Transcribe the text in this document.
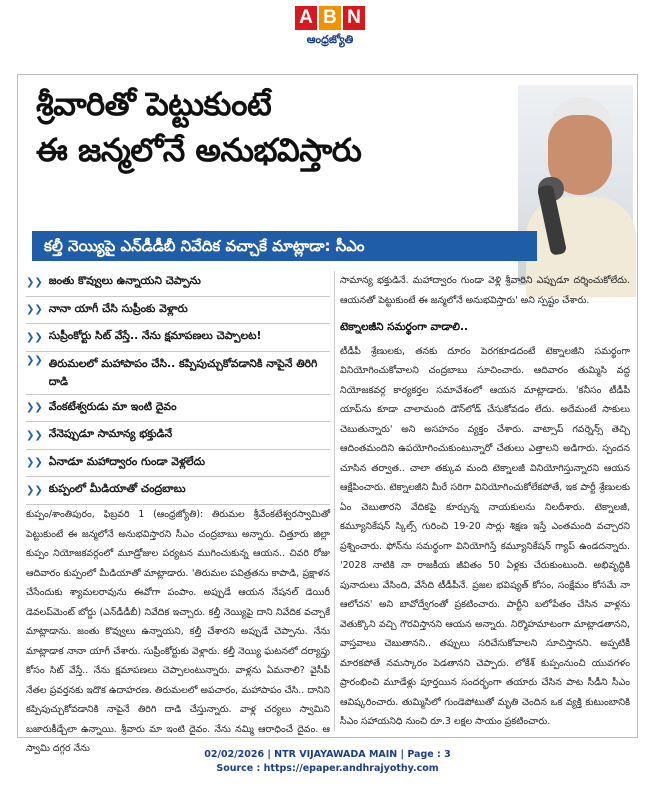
A B N
ఆంధ్రజ్యోతి
శ్రీవారితో పెట్టుకుంటే
ఈ జన్మలోనే అనుభవిస్తారు
కల్తీ నెయ్యిపై ఎన్‌డీడీబీ నివేదిక వచ్చాకే మాట్లాడా: సీఎం
❯❯ జంతు కొవ్వులు ఉన్నాయని చెప్పాను
❯❯ నానా యాగీ చేసి సుప్రీంకు వెళ్లారు
❯❯ సుప్రీంకోర్టు సిట్ వేస్తే.. నేను క్షమాపణలు చెప్పాలట!
❯❯ తిరుమలలో మహాపాపం చేసి.. కప్పిపుచ్చుకోవడానికి నాపైనే తిరిగి దాడి
❯❯ వేంకటేశ్వరుడు మా ఇంటి దైవం
❯❯ నేనెప్పుడూ సామాన్య భక్తుడినే
❯❯ ఏనాడూ మహాద్వారం గుండా వెళ్లలేదు
❯❯ కుప్పంలో మీడియాతో చంద్రబాబు
కుప్పం/శాంతిపురం, ఫిబ్రవరి 1 (ఆంధ్రజ్యోతి): తిరుమల శ్రీవేంకటేశ్వరస్వామితో పెట్టుకుంటే ఈ జన్మలోనే అనుభవిస్తారని సీఎం చంద్రబాబు అన్నారు. చిత్తూరు జిల్లా కుప్పం నియోజకవర్గంలో మూడ్రోజుల పర్యటన ముగించుకున్న ఆయన.. చివరి రోజు ఆదివారం కుప్పంలో మీడియాతో మాట్లాడారు. 'తిరుమల పవిత్రతను కాపాడి, ప్రక్షాళన చేసేందుకు శ్యామలరావును ఈవోగా పంపాం. అప్పుడే ఆయన నేషనల్ డెయిరీ డెవలప్‌మెంట్ బోర్డు (ఎన్‌డీడీబీ) నివేదిక ఇచ్చారు. కల్తీ నెయ్యిపై దాని నివేదిక వచ్చాకే మాట్లాడాను. జంతు కొవ్వులు ఉన్నాయని, కల్తీ చేశారని అప్పుడే చెప్పాను. నేను మాట్లాడాక నానా యాగీ చేశారు. సుప్రీంకోర్టుకు వెళ్లారు. కల్తీ నెయ్యి ఘటనలో దర్యాప్తు కోసం సిట్ వేస్తే.. నేను క్షమాపణలు చెప్పాలంటున్నారు. వాళ్లను ఏమనాలి? వైసీపీ నేతల ప్రవర్తనకు ఇదొక ఉదాహరణ. తిరుమలలో అపచారం, మహాపాపం చేసి.. దానిని కప్పిపుచ్చుకోవడానికి నాపైనే తిరిగి దాడి చేస్తున్నారు. వాళ్ల చర్యలు స్వామిని బజారుకీడ్చేలా ఉన్నాయి. శ్రీవారు మా ఇంటి దైవం. నేను నమ్మి ఆరాధించే దైవం. ఆ స్వామి దగ్గర నేను
సామాన్య భక్తుడినే. మహాద్వారం గుండా వెళ్లి శ్రీవారిని ఎప్పుడూ దర్శించుకోలేదు. ఆయనతో పెట్టుకుంటే ఈ జన్మలోనే అనుభవిస్తారు' అని స్పష్టం చేశారు.
టెక్నాలజీని సమర్థంగా వాడాలి..
టీడీపీ శ్రేణులకు, తనకు దూరం పెరగకూడదంటే టెక్నాలజీని సమర్థంగా వినియోగించుకోవాలని చంద్రబాబు సూచించారు. ఆదివారం తుమ్మిసి వద్ద నియోజకవర్గ కార్యకర్తల సమావేశంలో ఆయన మాట్లాడారు. 'కనీసం టీడీపీ యాప్‌ను కూడా చాలామంది డౌన్‌లోడ్ చేసుకోవడం లేదు. అదేమంటే సాకులు చెబుతున్నారు' అని అసహనం వ్యక్తం చేశారు. వాట్సాప్ గవర్నెన్స్ తెచ్చి ఆదింతమందిని ఉపయోగించుకుంటున్నారో చేతులు ఎత్తాలని అడిగారు. స్పందన చూసిన తర్వాత.. చాలా తక్కువ మంది టెక్నాలజీ వినియోగిస్తున్నారని ఆయన ఆక్షేపించారు. టెక్నాలజీని మీరే సరిగా వినియోగించుకోలేకపోతే, ఇక పార్టీ శ్రేణులకు ఏం చెబుతారని వేదికపై కూర్చున్న నాయకులను నిలదీశారు. టెక్నాలజీ, కమ్యూనికేషన్ స్కిల్స్ గురించి 19-20 సార్లు శిక్షణ ఇస్తే ఎంతమంది వచ్చారని ప్రశ్నించారు. ఫోన్‌ను సమర్థంగా వినియోగిస్తే కమ్యూనికేషన్ గ్యాప్ ఉండదన్నారు. '2028 నాటికి నా రాజకీయ జీవితం 50 ఏళ్లకు చేరుకుంటుంది. అభివృద్ధికి పునాదులు వేసింది, వేసేది టీడీపీనే. ప్రజల భవిష్యత్ కోసం, సంక్షేమం కోసమే నా ఆలోచన' అని బావోద్వేగంతో ప్రకటించారు. పార్టీని బలోపేతం చేసిన వాళ్లను వెతుక్కొని వచ్చి గౌరవిస్తానని ఆయన అన్నారు. నిర్మొహమాటంగా మాట్లాడతానని, వాస్తవాలు చెబుతానని.. తప్పులు సరిచేసుకోవాలని సూచిస్తానని. అప్పటికీ మారకపోతే నమస్కారం పెడతానని చెప్పారు. లోకేశ్ కుప్పంనుంచి యువగళం ప్రారంభించి మూడేళ్లు పూర్తయిన సందర్భంగా తయారు చేసిన పాట సీడీని సీఎం ఆవిష్కరించారు. తుమ్మిసిలో గుండెపోటుతో మృతి చెందిన ఒక వ్యక్తి కుటుంబానికి సీఎం సహాయనిధి నుంచి రూ.3 లక్షల సాయం ప్రకటించారు.
02/02/2026 | NTR VIJAYAWADA MAIN | Page : 3
Source : https://epaper.andhrajyothy.com
